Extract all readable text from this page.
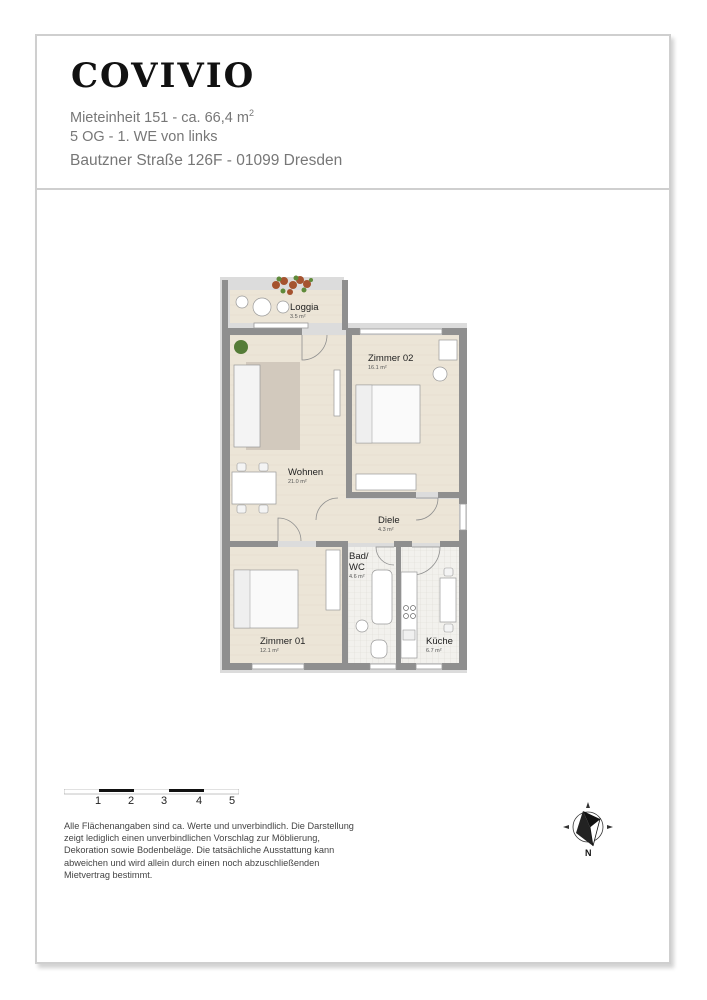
COVIVIO
Mieteinheit 151 - ca. 66,4 $m^2$
5 OG - 1. WE von links
Bautzner Straße 126F - 01099 Dresden
Loggia
3.5 m²
Zimmer 02
16.1 m²
Wohnen
21.0 m²
Diele
4.3 m²
Bad/
WC
4.6 m²
Zimmer 01
12.1 m²
Küche
6.7 m²
1 2 3	4 5
Alle Flächenangaben sind ca. Werte und unverbindlich. Die Darstellung
zeigt lediglich einen unverbindlichen Vorschlag zur Möblierung,
Dekoration sowie Bodenbeläge. Die tatsächliche Ausstattung kann
abweichen und wird allein durch einen noch abzuschließenden
Mietvertrag bestimmt.
N
